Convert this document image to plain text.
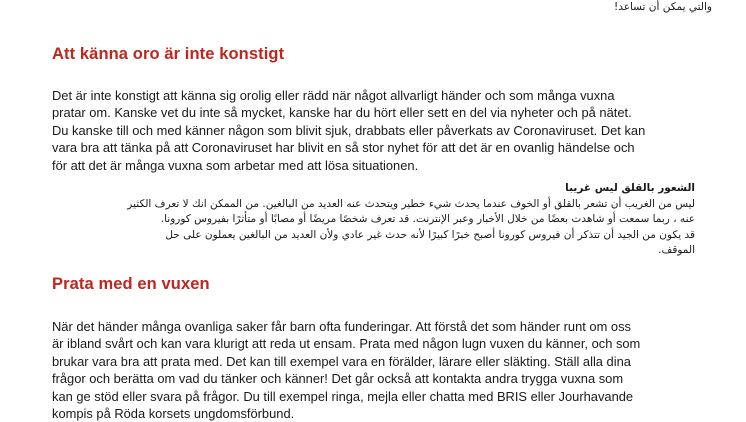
والتي يمكن أن تساعد!
Att känna oro är inte konstigt
Det är inte konstigt att känna sig orolig eller rädd när något allvarligt händer och som många vuxna
pratar om. Kanske vet du inte så mycket, kanske har du hört eller sett en del via nyheter och på nätet.
Du kanske till och med känner någon som blivit sjuk, drabbats eller påverkats av Coronaviruset. Det kan
vara bra att tänka på att Coronaviruset har blivit en så stor nyhet för att det är en ovanlig händelse och
för att det är många vuxna som arbetar med att lösa situationen.
الشعور بالقلق ليس غريبا
ليس من الغريب أن تشعر بالقلق أو الخوف عندما يحدث شيء خطير ويتحدث عنه العديد من البالغين. من الممكن انك لا تعرف الكثير
عنه ، ربما سمعت أو شاهدت بعضًا من خلال الأخبار وعبر الإنترنت. قد تعرف شخصًا مريضًا أو مصابًا أو متأثرًا بفيروس كورونا.
قد يكون من الجيد أن تتذكر أن فيروس كورونا أصبح خبرًا كبيرًا لأنه حدث غير عادي ولأن العديد من البالغين يعملون على حل
الموقف.
Prata med en vuxen
När det händer många ovanliga saker får barn ofta funderingar. Att förstå det som händer runt om oss
är ibland svårt och kan vara klurigt att reda ut ensam. Prata med någon lugn vuxen du känner, och som
brukar vara bra att prata med. Det kan till exempel vara en förälder, lärare eller släkting. Ställ alla dina
frågor och berätta om vad du tänker och känner! Det går också att kontakta andra trygga vuxna som
kan ge stöd eller svara på frågor. Du till exempel ringa, mejla eller chatta med BRIS eller Jourhavande
kompis på Röda korsets ungdomsförbund.
